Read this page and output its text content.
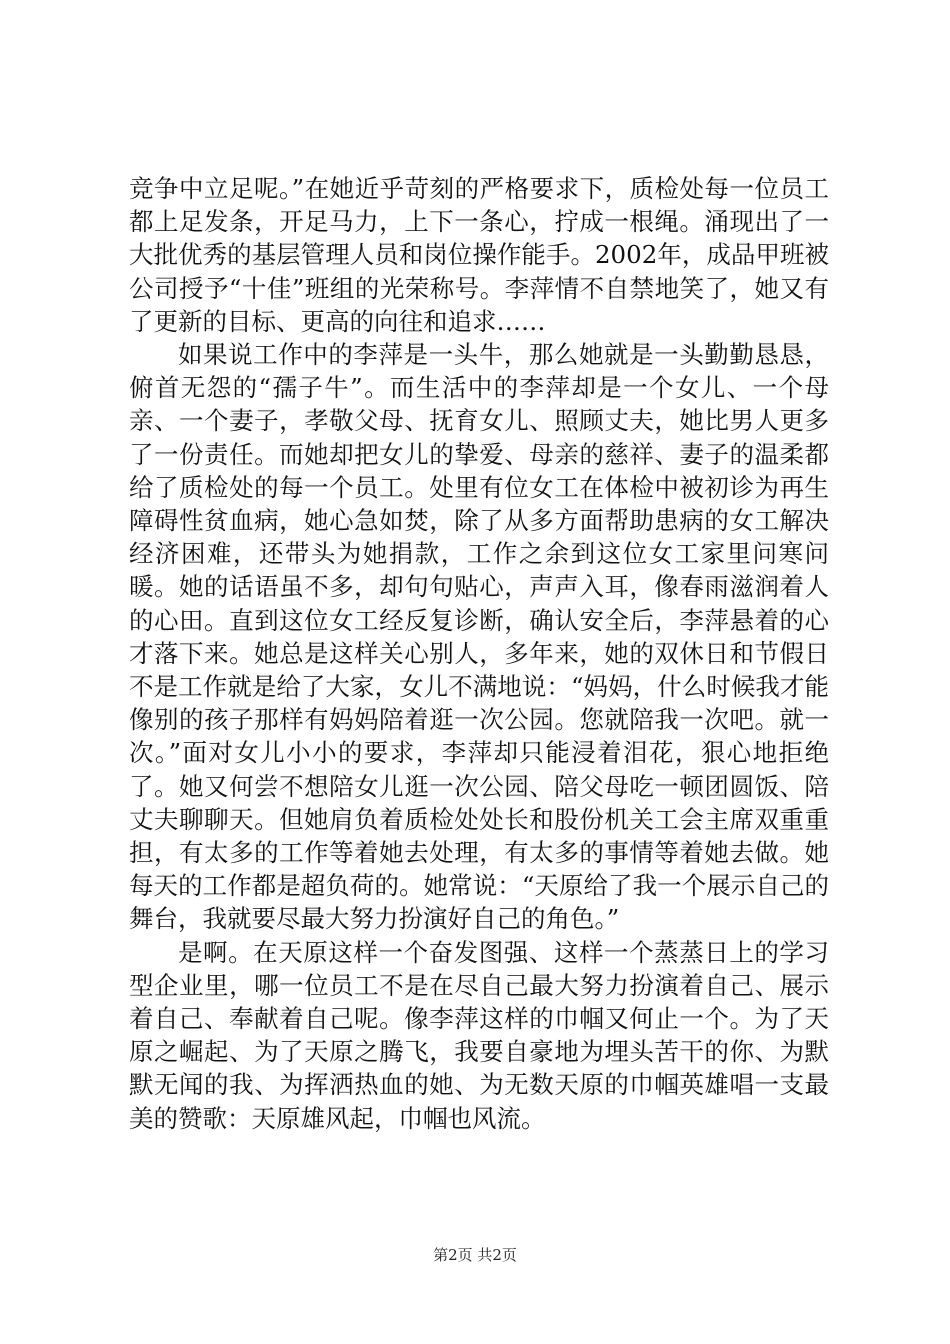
竞争中立足呢。”在她近乎苛刻的严格要求下，质检处每一位员工都上足发条，开足马力，上下一条心，拧成一根绳。涌现出了一大批优秀的基层管理人员和岗位操作能手。2002年，成品甲班被公司授予“十佳”班组的光荣称号。李萍情不自禁地笑了，她又有了更新的目标、更高的向往和追求……

如果说工作中的李萍是一头牛，那么她就是一头勤勤恳恳，俯首无怨的“孺子牛”。而生活中的李萍却是一个女儿、一个母亲、一个妻子，孝敬父母、抚育女儿、照顾丈夫，她比男人更多了一份责任。而她却把女儿的挚爱、母亲的慈祥、妻子的温柔都给了质检处的每一个员工。处里有位女工在体检中被初诊为再生障碍性贫血病，她心急如焚，除了从多方面帮助患病的女工解决经济困难，还带头为她捐款，工作之余到这位女工家里问寒问暖。她的话语虽不多，却句句贴心，声声入耳，像春雨滋润着人的心田。直到这位女工经反复诊断，确认安全后，李萍悬着的心才落下来。她总是这样关心别人，多年来，她的双休日和节假日不是工作就是给了大家，女儿不满地说：“妈妈，什么时候我才能像别的孩子那样有妈妈陪着逛一次公园。您就陪我一次吧。就一次。”面对女儿小小的要求，李萍却只能浸着泪花，狠心地拒绝了。她又何尝不想陪女儿逛一次公园、陪父母吃一顿团圆饭、陪丈夫聊聊天。但她肩负着质检处处长和股份机关工会主席双重重担，有太多的工作等着她去处理，有太多的事情等着她去做。她每天的工作都是超负荷的。她常说：“天原给了我一个展示自己的舞台，我就要尽最大努力扮演好自己的角色。”

是啊。在天原这样一个奋发图强、这样一个蒸蒸日上的学习型企业里，哪一位员工不是在尽自己最大努力扮演着自己、展示着自己、奉献着自己呢。像李萍这样的巾帼又何止一个。为了天原之崛起、为了天原之腾飞，我要自豪地为埋头苦干的你、为默默无闻的我、为挥洒热血的她、为无数天原的巾帼英雄唱一支最美的赞歌：天原雄风起，巾帼也风流。

第2页 共2页
